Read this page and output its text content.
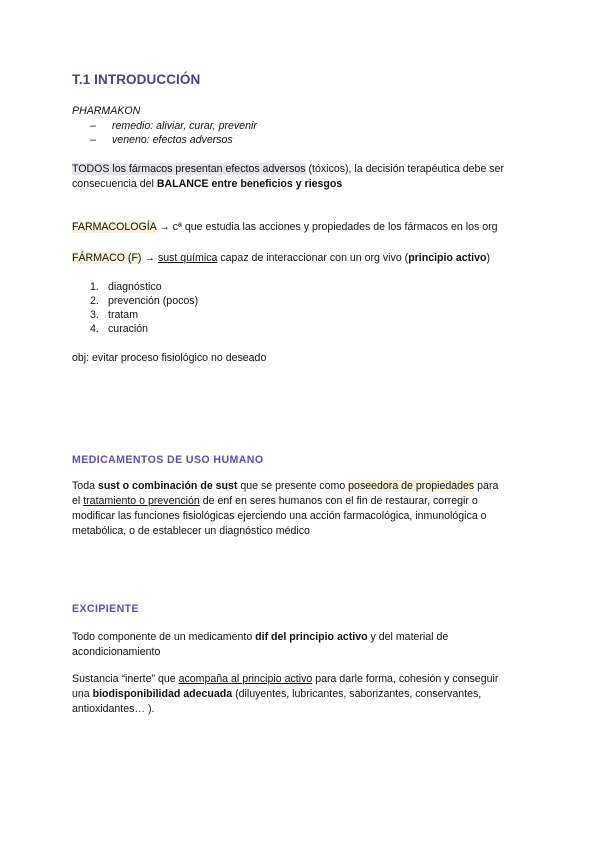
T.1 INTRODUCCIÓN
PHARMAKON
– remedio: aliviar, curar, prevenir
– veneno: efectos adversos
TODOS los fármacos presentan efectos adversos (tóxicos), la decisión terapéutica debe ser
consecuencia del BALANCE entre beneficios y riesgos
FARMACOLOGÍA → cª que estudia las acciones y propiedades de los fármacos en los org
FÁRMACO (F) → sust química capaz de interaccionar con un org vivo (principio activo)
1. diagnóstico
2. prevención (pocos)
3. tratam
4. curación
obj: evitar proceso fisiológico no deseado
MEDICAMENTOS DE USO HUMANO
Toda sust o combinación de sust que se presente como poseedora de propiedades para
el tratamiento o prevención de enf en seres humanos con el fin de restaurar, corregir o
modificar las funciones fisiológicas ejerciendo una acción farmacológica, inmunológica o
metabólica, o de establecer un diagnóstico médico
EXCIPIENTE
Todo componente de un medicamento dif del principio activo y del material de
acondicionamiento
Sustancia “inerte” que acompaña al principio activo para darle forma, cohesión y conseguir
una biodisponibilidad adecuada (diluyentes, lubricantes, saborizantes, conservantes,
antioxidantes… ).
